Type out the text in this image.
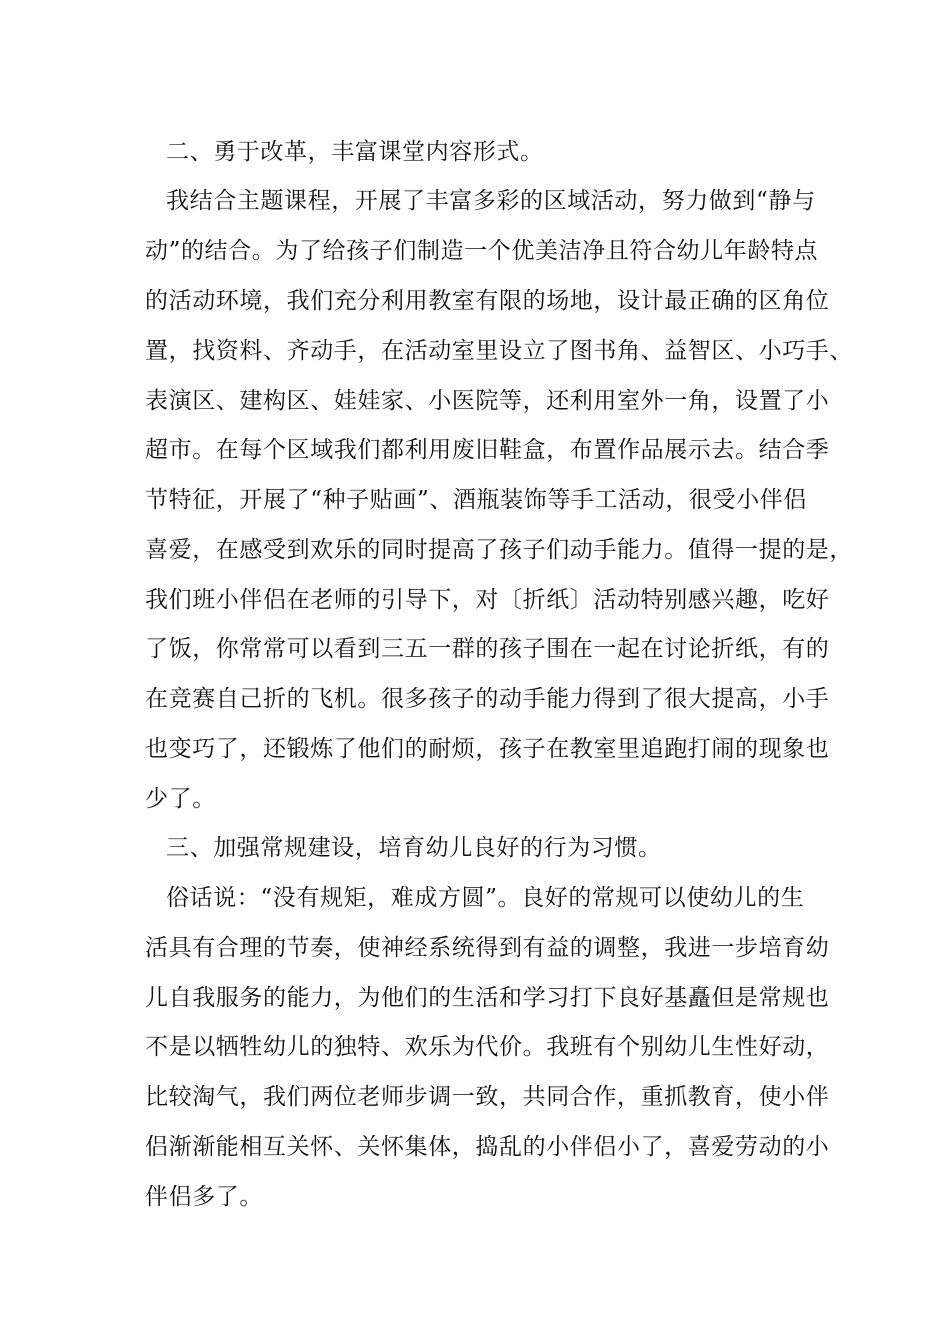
二、勇于改革，丰富课堂内容形式。
我结合主题课程，开展了丰富多彩的区域活动，努力做到“静与
动”的结合。为了给孩子们制造一个优美洁净且符合幼儿年龄特点
的活动环境，我们充分利用教室有限的场地，设计最正确的区角位
置，找资料、齐动手，在活动室里设立了图书角、益智区、小巧手、
表演区、建构区、娃娃家、小医院等，还利用室外一角，设置了小
超市。在每个区域我们都利用废旧鞋盒，布置作品展示去。结合季
节特征，开展了“种子贴画”、酒瓶装饰等手工活动，很受小伴侣
喜爱，在感受到欢乐的同时提高了孩子们动手能力。值得一提的是，
我们班小伴侣在老师的引导下，对〔折纸〕活动特别感兴趣，吃好
了饭，你常常可以看到三五一群的孩子围在一起在讨论折纸，有的
在竞赛自己折的飞机。很多孩子的动手能力得到了很大提高，小手
也变巧了，还锻炼了他们的耐烦，孩子在教室里追跑打闹的现象也
少了。
三、加强常规建设，培育幼儿良好的行为习惯。
俗话说：“没有规矩，难成方圆”。良好的常规可以使幼儿的生
活具有合理的节奏，使神经系统得到有益的调整，我进一步培育幼
儿自我服务的能力，为他们的生活和学习打下良好基矗但是常规也
不是以牺牲幼儿的独特、欢乐为代价。我班有个别幼儿生性好动，
比较淘气，我们两位老师步调一致，共同合作，重抓教育，使小伴
侣渐渐能相互关怀、关怀集体，捣乱的小伴侣小了，喜爱劳动的小
伴侣多了。
